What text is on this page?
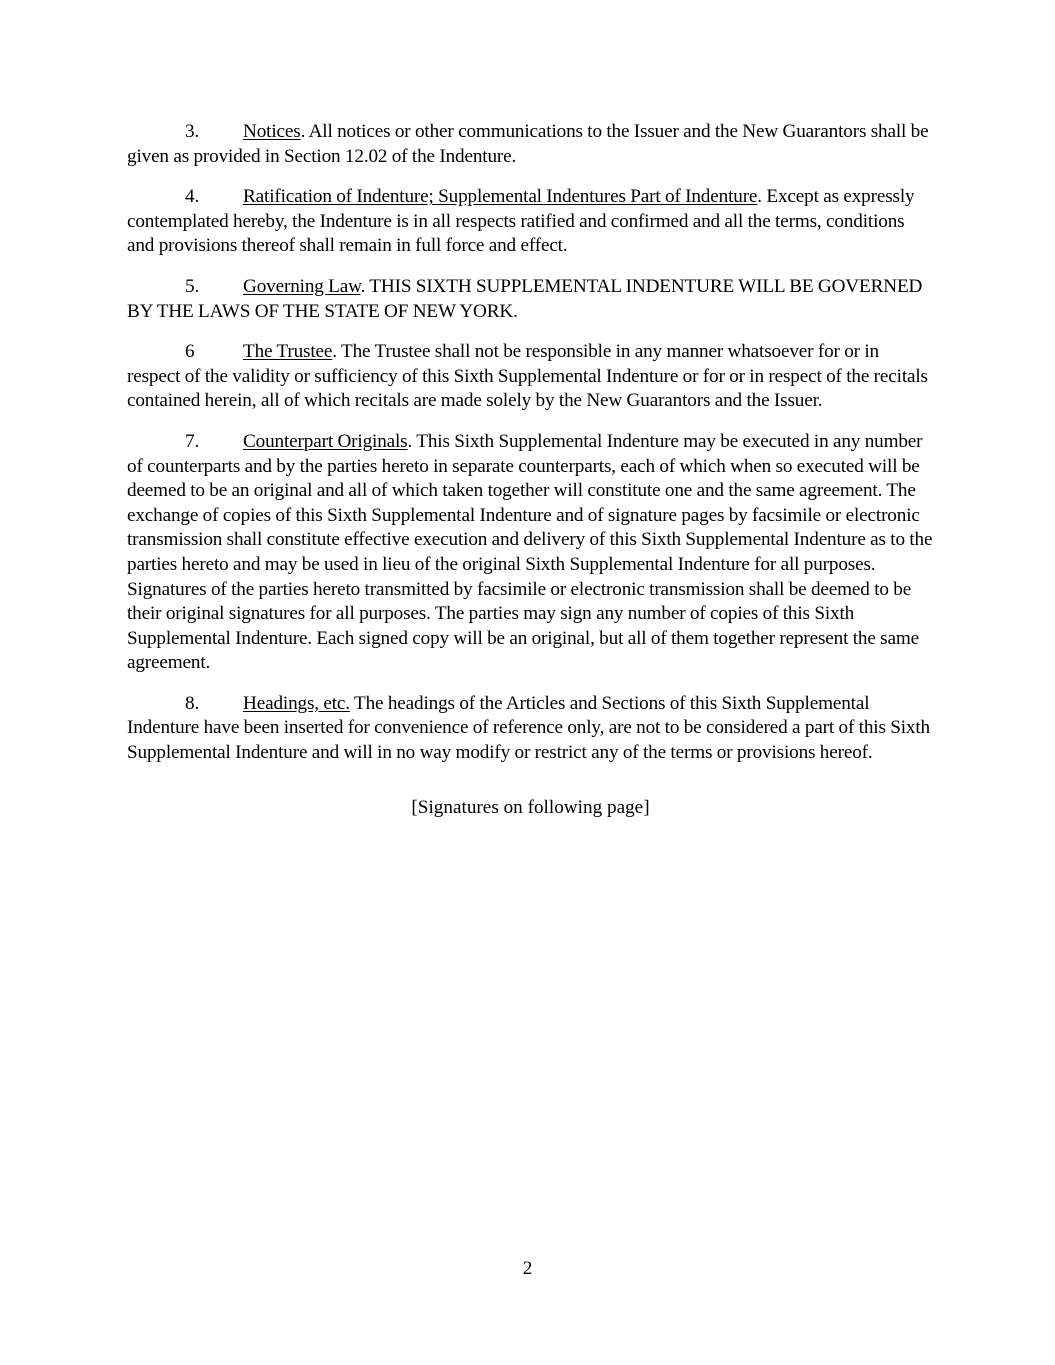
3. Notices. All notices or other communications to the Issuer and the New Guarantors shall be given as provided in Section 12.02 of the Indenture.

4. Ratification of Indenture; Supplemental Indentures Part of Indenture. Except as expressly contemplated hereby, the Indenture is in all respects ratified and confirmed and all the terms, conditions and provisions thereof shall remain in full force and effect.

5. Governing Law. THIS SIXTH SUPPLEMENTAL INDENTURE WILL BE GOVERNED BY THE LAWS OF THE STATE OF NEW YORK.

6	The Trustee. The Trustee shall not be responsible in any manner whatsoever for or in respect of the validity or sufficiency of this Sixth Supplemental Indenture or for or in respect of the recitals contained herein, all of which recitals are made solely by the New Guarantors and the Issuer.

7. Counterpart Originals. This Sixth Supplemental Indenture may be executed in any number of counterparts and by the parties hereto in separate counterparts, each of which when so executed will be deemed to be an original and all of which taken together will constitute one and the same agreement. The exchange of copies of this Sixth Supplemental Indenture and of signature pages by facsimile or electronic transmission shall constitute effective execution and delivery of this Sixth Supplemental Indenture as to the parties hereto and may be used in lieu of the original Sixth Supplemental Indenture for all purposes. Signatures of the parties hereto transmitted by facsimile or electronic transmission shall be deemed to be their original signatures for all purposes. The parties may sign any number of copies of this Sixth Supplemental Indenture. Each signed copy will be an original, but all of them together represent the same agreement.

8. Headings, etc. The headings of the Articles and Sections of this Sixth Supplemental Indenture have been inserted for convenience of reference only, are not to be considered a part of this Sixth Supplemental Indenture and will in no way modify or restrict any of the terms or provisions hereof.

[Signatures on following page]

2
